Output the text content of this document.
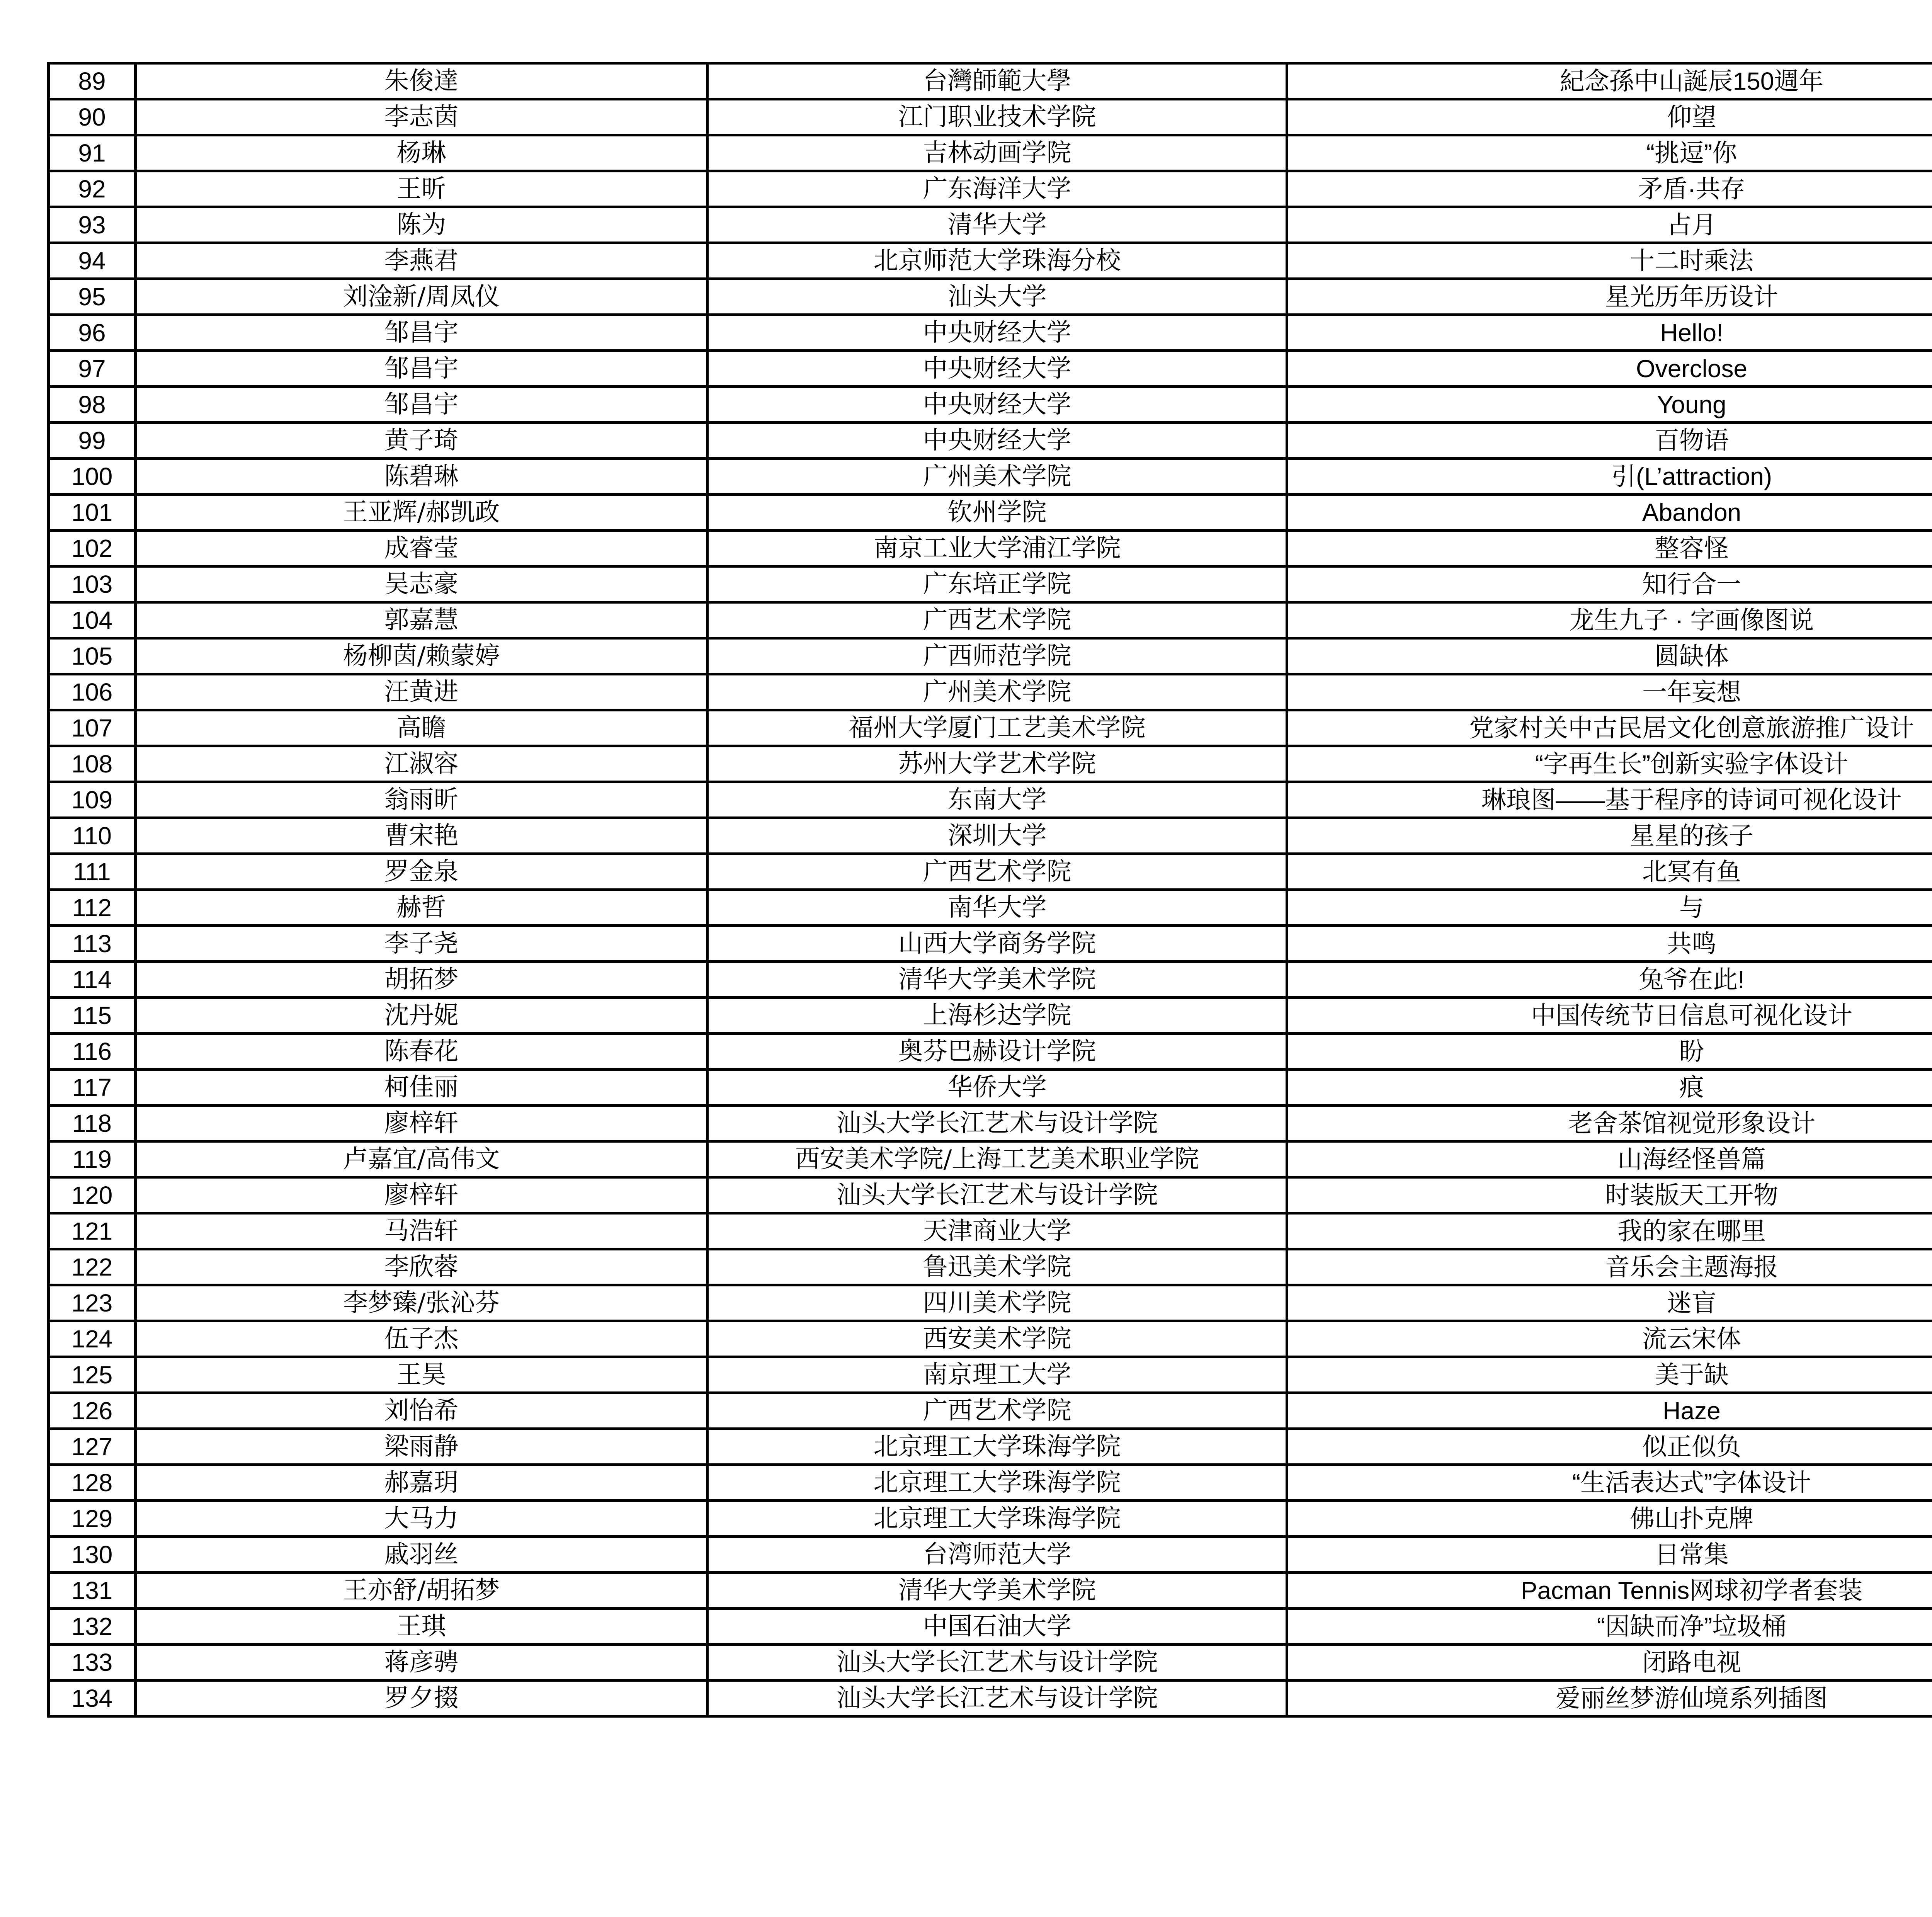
89	朱俊達	台灣師範大學	紀念孫中山誕辰150週年		
90	李志茵	江门职业技术学院	仰望		
91	杨琳	吉林动画学院	“挑逗”你		
92	王昕	广东海洋大学	矛盾·共存		
93	陈为	清华大学	占月		
94	李燕君	北京师范大学珠海分校	十二时乘法		
95	刘淦新/周凤仪	汕头大学	星光历年历设计		
96	邹昌宇	中央财经大学	Hello!		
97	邹昌宇	中央财经大学	Overclose		
98	邹昌宇	中央财经大学	Young		
99	黄子琦	中央财经大学	百物语		
100	陈碧琳	广州美术学院	引(L’attraction)		
101	王亚辉/郝凯政	钦州学院	Abandon		
102	成睿莹	南京工业大学浦江学院	整容怪		
103	吴志豪	广东培正学院	知行合一		
104	郭嘉慧	广西艺术学院	龙生九子 · 字画像图说		
105	杨柳茵/赖蒙婷	广西师范学院	圆缺体		
106	汪黄进	广州美术学院	一年妄想		
107	高瞻	福州大学厦门工艺美术学院	党家村关中古民居文化创意旅游推广设计		
108	江淑容	苏州大学艺术学院	“字再生长”创新实验字体设计		
109	翁雨昕	东南大学	琳琅图——基于程序的诗词可视化设计		
110	曹宋艳	深圳大学	星星的孩子		
111	罗金泉	广西艺术学院	北冥有鱼		
112	赫哲	南华大学	与		
113	李子尧	山西大学商务学院	共鸣		
114	胡拓梦	清华大学美术学院	兔爷在此!		
115	沈丹妮	上海杉达学院	中国传统节日信息可视化设计		
116	陈春花	奥芬巴赫设计学院	盼		
117	柯佳丽	华侨大学	痕		
118	廖梓轩	汕头大学长江艺术与设计学院	老舍茶馆视觉形象设计		
119	卢嘉宜/高伟文	西安美术学院/上海工艺美术职业学院	山海经怪兽篇		
120	廖梓轩	汕头大学长江艺术与设计学院	时装版天工开物		
121	马浩轩	天津商业大学	我的家在哪里		
122	李欣蓉	鲁迅美术学院	音乐会主题海报		
123	李梦臻/张沁芬	四川美术学院	迷盲		
124	伍子杰	西安美术学院	流云宋体		
125	王昊	南京理工大学	美于缺		
126	刘怡希	广西艺术学院	Haze		
127	梁雨静	北京理工大学珠海学院	似正似负		
128	郝嘉玥	北京理工大学珠海学院	“生活表达式”字体设计		
129	大马力	北京理工大学珠海学院	佛山扑克牌		
130	戚羽丝	台湾师范大学	日常集		
131	王亦舒/胡拓梦	清华大学美术学院	Pacman Tennis网球初学者套装		
132	王琪	中国石油大学	“因缺而净”垃圾桶		
133	蒋彦骋	汕头大学长江艺术与设计学院	闭路电视		
134	罗夕掇	汕头大学长江艺术与设计学院	爱丽丝梦游仙境系列插图		
